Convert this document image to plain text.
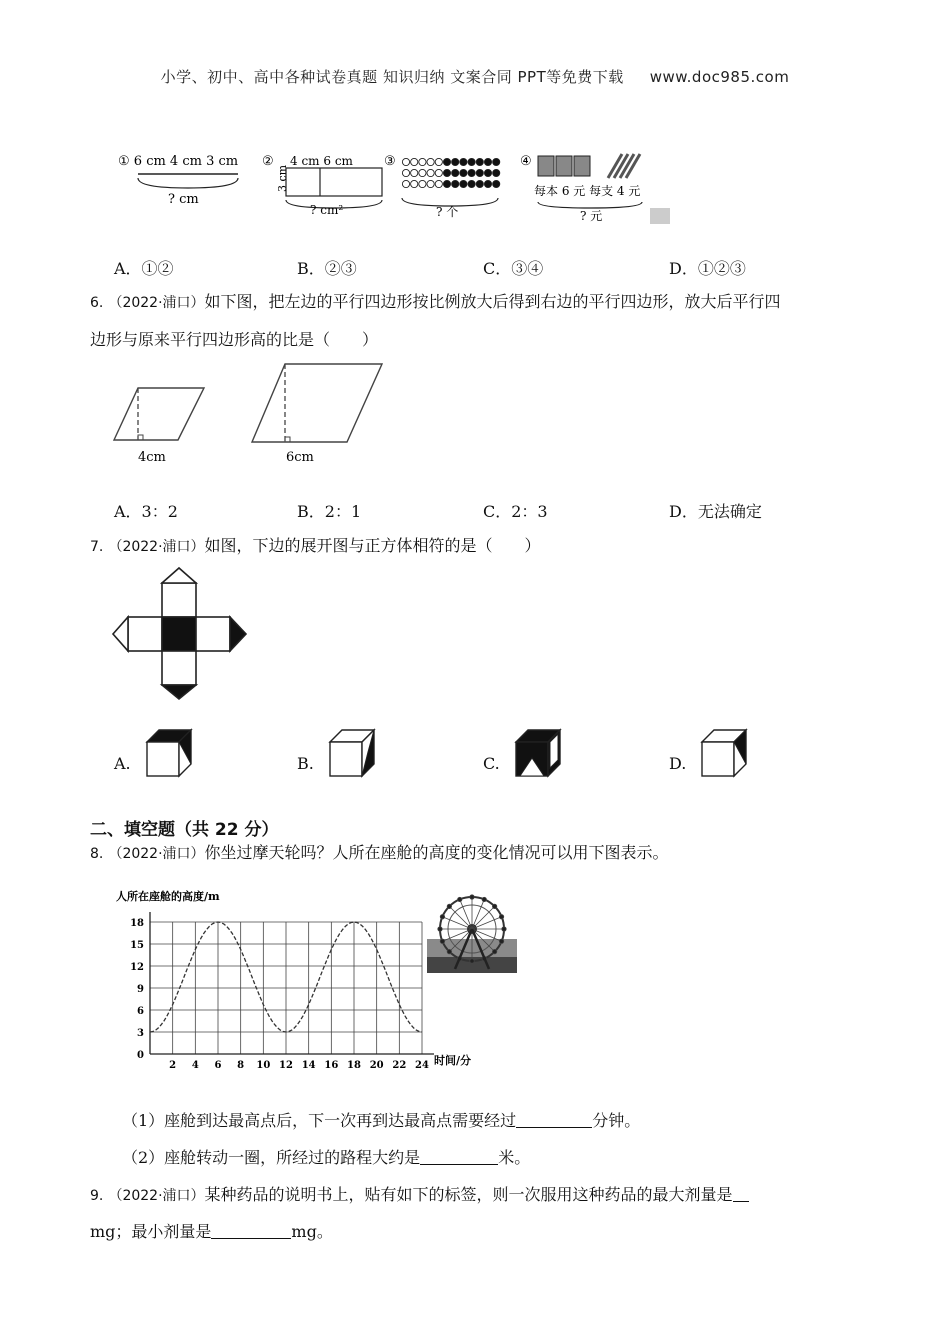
小学、初中、高中各种试卷真题 知识归纳 文案合同 PPT等免费下载 www.doc985.com
① 6 cm 4 cm 3 cm
? cm
② 4 cm 6 cm
3 cm
? cm²
③
? 个
④
每本 6 元 每支 4 元
? 元
A．①②	B．②③	C．③④	D．①②③
6. （2022·浦口）如下图，把左边的平行四边形按比例放大后得到右边的平行四边形，放大后平行四
边形与原来平行四边形高的比是（　　）
4cm	6cm
A．3：2	B．2：1	C．2：3	D．无法确定
7. （2022·浦口）如图，下边的展开图与正方体相符的是（　　）
A.	B.	C.	D.
二、填空题（共 22 分）
8. （2022·浦口）你坐过摩天轮吗？人所在座舱的高度的变化情况可以用下图表示。
人所在座舱的高度/m
0
3
6
9
12
15
18
2 4 6 8 10 12 14 16 18 20 22 24 时间/分
（1）座舱到达最高点后，下一次再到达最高点需要经过	分钟。
（2）座舱转动一圈，所经过的路程大约是	米。
9. （2022·浦口）某种药品的说明书上，贴有如下的标签，则一次服用这种药品的最大剂量是
mg；最小剂量是	mg。
